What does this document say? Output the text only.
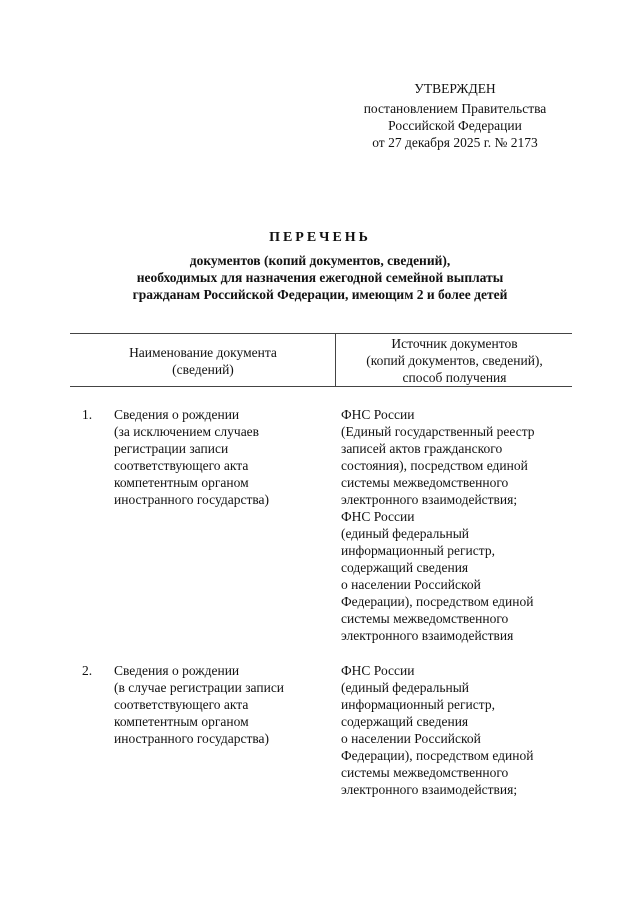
УТВЕРЖДЕН
постановлением Правительства
Российской Федерации
от 27 декабря 2025 г. № 2173
ПЕРЕЧЕНЬ
документов (копий документов, сведений),
необходимых для назначения ежегодной семейной выплаты
гражданам Российской Федерации, имеющим 2 и более детей
Наименование документа
(сведений)
Источник документов
(копий документов, сведений),
способ получения
1. Сведения о рождении
(за исключением случаев
регистрации записи
соответствующего акта
компетентным органом
иностранного государства)
ФНС России
(Единый государственный реестр
записей актов гражданского
состояния), посредством единой
системы межведомственного
электронного взаимодействия;
ФНС России
(единый федеральный
информационный регистр,
содержащий сведения
о населении Российской
Федерации), посредством единой
системы межведомственного
электронного взаимодействия
2. Сведения о рождении
(в случае регистрации записи
соответствующего акта
компетентным органом
иностранного государства)
ФНС России
(единый федеральный
информационный регистр,
содержащий сведения
о населении Российской
Федерации), посредством единой
системы межведомственного
электронного взаимодействия;
